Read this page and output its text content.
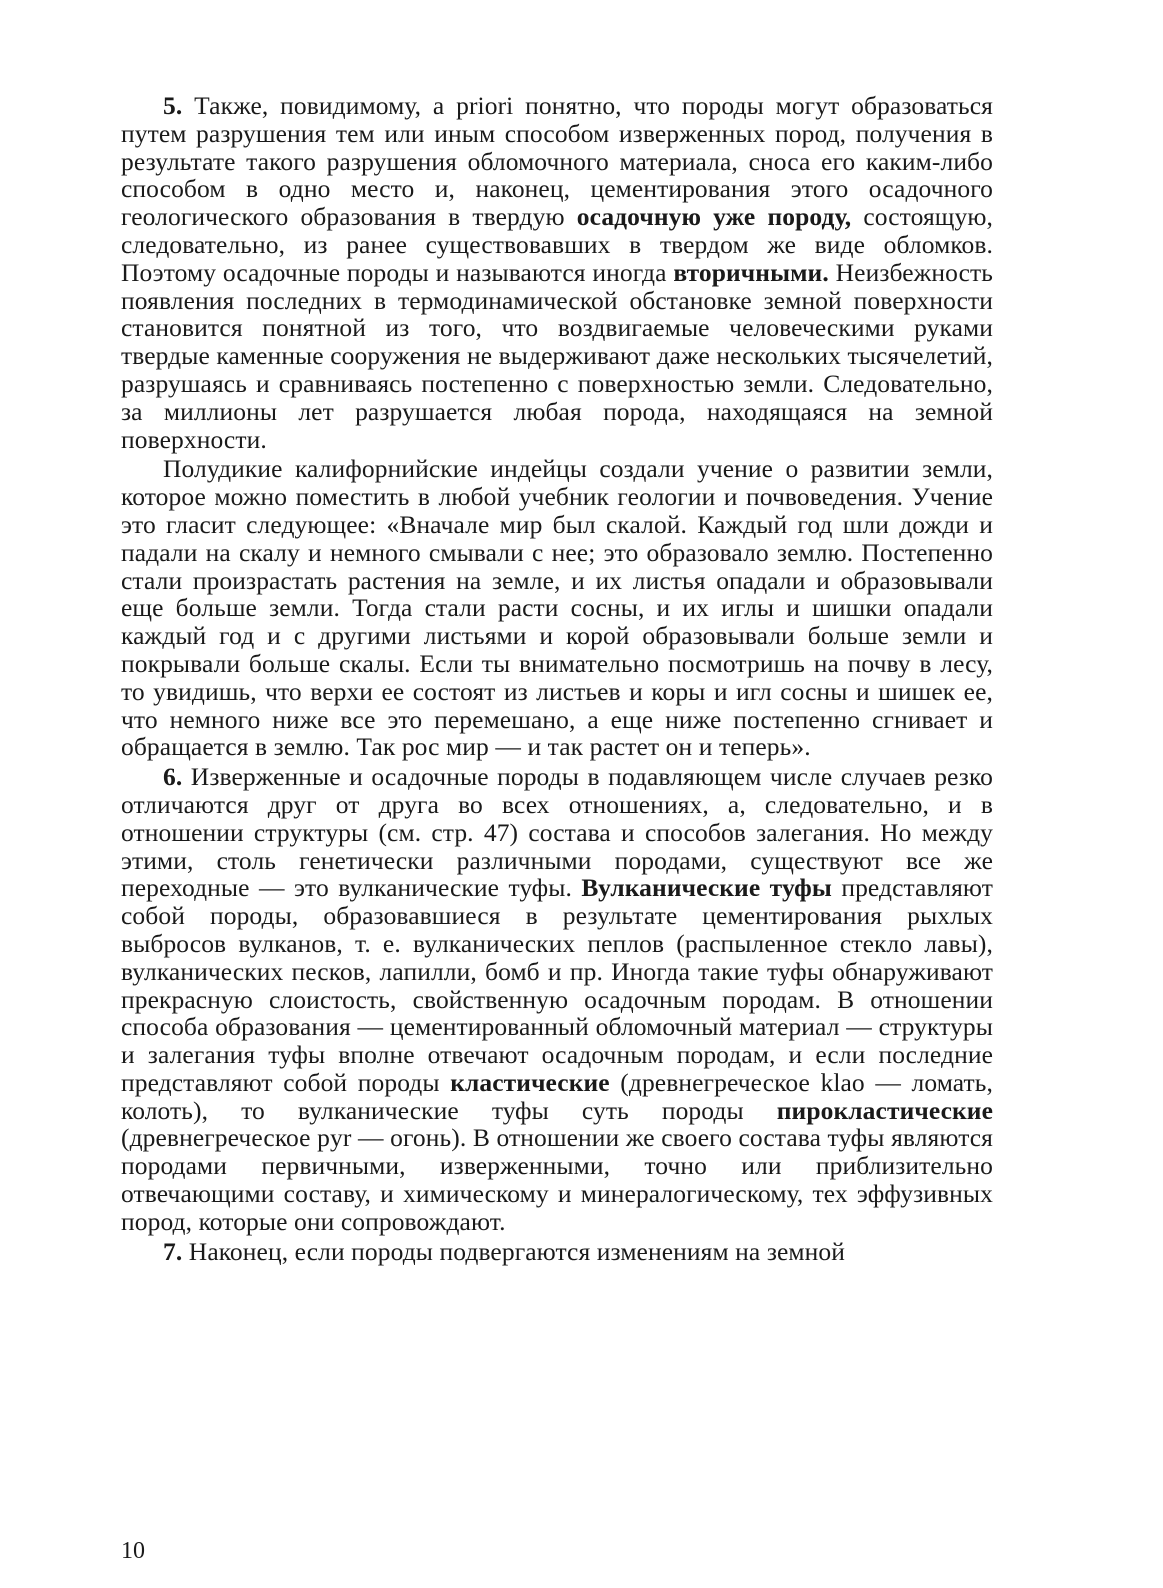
5. Также, повидимому, a priori понятно, что породы могут образоваться путем разрушения тем или иным способом изверженных пород, получения в результате такого разрушения обломочного материала, сноса его каким-либо способом в одно место и, наконец, цементирования этого осадочного геологического образования в твердую осадочную уже породу, состоящую, следовательно, из ранее существовавших в твердом же виде обломков. Поэтому осадочные породы и называются иногда вторичными. Неизбежность появления последних в термодинамической обстановке земной поверхности становится понятной из того, что воздвигаемые человеческими руками твердые каменные сооружения не выдерживают даже нескольких тысячелетий, разрушаясь и сравниваясь постепенно с поверхностью земли. Следовательно, за миллионы лет разрушается любая порода, находящаяся на земной поверхности.

Полудикие калифорнийские индейцы создали учение о развитии земли, которое можно поместить в любой учебник геологии и почвоведения. Учение это гласит следующее: «Вначале мир был скалой. Каждый год шли дожди и падали на скалу и немного смывали с нее; это образовало землю. Постепенно стали произрастать растения на земле, и их листья опадали и образовывали еще больше земли. Тогда стали расти сосны, и их иглы и шишки опадали каждый год и с другими листьями и корой образовывали больше земли и покрывали больше скалы. Если ты внимательно посмотришь на почву в лесу, то увидишь, что верхи ее состоят из листьев и коры и игл сосны и шишек ее, что немного ниже все это перемешано, а еще ниже постепенно сгнивает и обращается в землю. Так рос мир — и так растет он и теперь».

6. Изверженные и осадочные породы в подавляющем числе случаев резко отличаются друг от друга во всех отношениях, а, следовательно, и в отношении структуры (см. стр. 47) состава и способов залегания. Но между этими, столь генетически различными породами, существуют все же переходные — это вулканические туфы. Вулканические туфы представляют собой породы, образовавшиеся в результате цементирования рыхлых выбросов вулканов, т. е. вулканических пеплов (распыленное стекло лавы), вулканических песков, лапилли, бомб и пр. Иногда такие туфы обнаруживают прекрасную слоистость, свойственную осадочным породам. В отношении способа образования — цементированный обломочный материал — структуры и залегания туфы вполне отвечают осадочным породам, и если последние представляют собой породы кластические (древнегреческое klao — ломать, колоть), то вулканические туфы суть породы пирокластические (древнегреческое pyr — огонь). В отношении же своего состава туфы являются породами первичными, изверженными, точно или приблизительно отвечающими составу, и химическому и минералогическому, тех эффузивных пород, которые они сопровождают.

7. Наконец, если породы подвергаются изменениям на земной

10
